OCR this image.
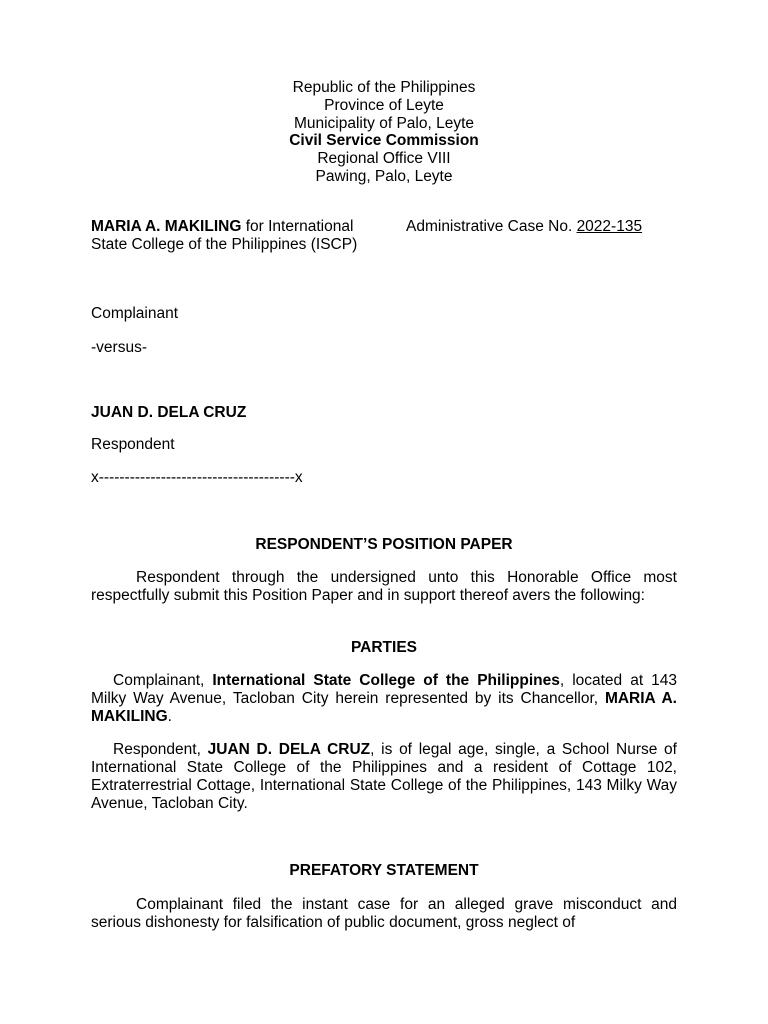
Republic of the Philippines
Province of Leyte
Municipality of Palo, Leyte
Civil Service Commission
Regional Office VIII
Pawing, Palo, Leyte
MARIA A. MAKILING for International State College of the Philippines (ISCP)
Administrative Case No. 2022-135
Complainant
-versus-
JUAN D. DELA CRUZ
Respondent
x--------------------------------------x
RESPONDENT’S POSITION PAPER
Respondent through the undersigned unto this Honorable Office most respectfully submit this Position Paper and in support thereof avers the following:
PARTIES
Complainant, International State College of the Philippines, located at 143 Milky Way Avenue, Tacloban City herein represented by its Chancellor, MARIA A. MAKILING.
Respondent, JUAN D. DELA CRUZ, is of legal age, single, a School Nurse of International State College of the Philippines and a resident of Cottage 102, Extraterrestrial Cottage, International State College of the Philippines, 143 Milky Way Avenue, Tacloban City.
PREFATORY STATEMENT
Complainant filed the instant case for an alleged grave misconduct and serious dishonesty for falsification of public document, gross neglect of
